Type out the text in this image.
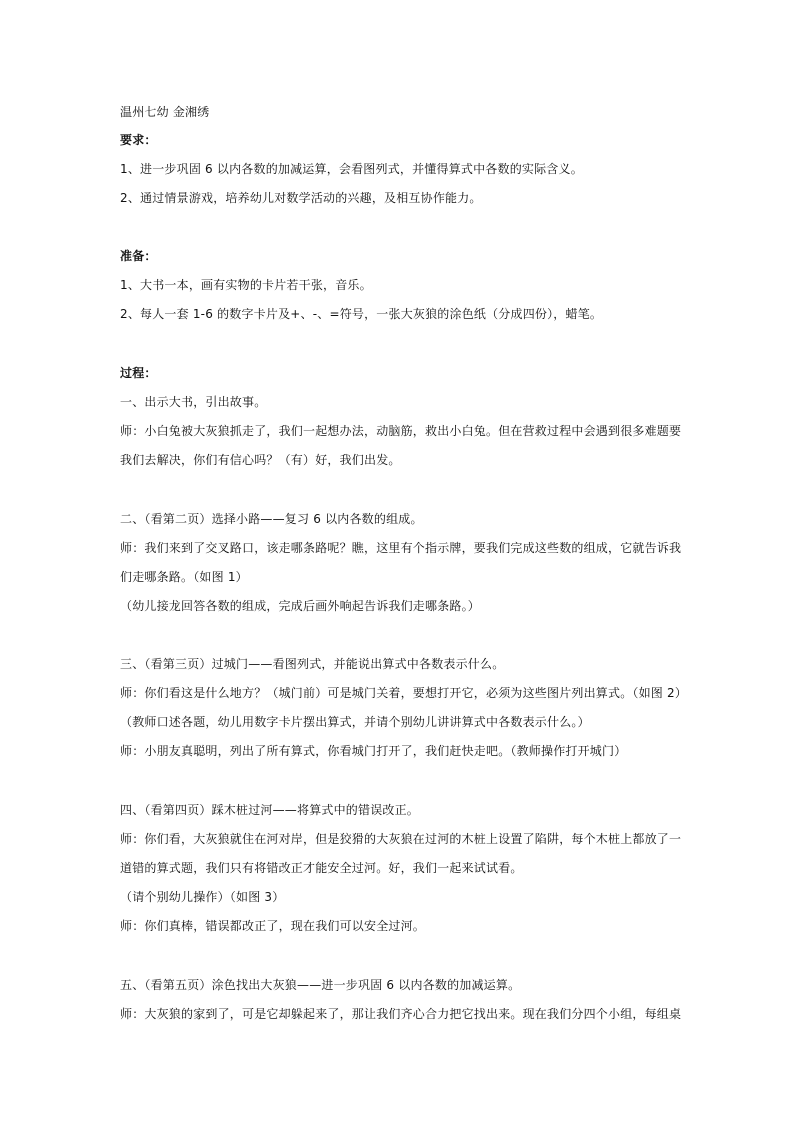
温州七幼 金湘绣
要求：
1、进一步巩固 6 以内各数的加减运算，会看图列式，并懂得算式中各数的实际含义。
2、通过情景游戏，培养幼儿对数学活动的兴趣，及相互协作能力。
准备：
1、大书一本，画有实物的卡片若干张，音乐。
2、每人一套 1-6 的数字卡片及+、-、=符号，一张大灰狼的涂色纸（分成四份），蜡笔。
过程：
一、出示大书，引出故事。
师：小白兔被大灰狼抓走了，我们一起想办法，动脑筋，救出小白兔。但在营救过程中会遇到很多难题要
我们去解决，你们有信心吗？（有）好，我们出发。
二、（看第二页）选择小路——复习 6 以内各数的组成。
师：我们来到了交叉路口，该走哪条路呢？瞧，这里有个指示牌，要我们完成这些数的组成，它就告诉我
们走哪条路。（如图 1）
（幼儿接龙回答各数的组成，完成后画外响起告诉我们走哪条路。）
三、（看第三页）过城门——看图列式，并能说出算式中各数表示什么。
师：你们看这是什么地方？（城门前）可是城门关着，要想打开它，必须为这些图片列出算式。（如图 2）
（教师口述各题，幼儿用数字卡片摆出算式，并请个别幼儿讲讲算式中各数表示什么。）
师：小朋友真聪明，列出了所有算式，你看城门打开了，我们赶快走吧。（教师操作打开城门）
四、（看第四页）踩木桩过河——将算式中的错误改正。
师：你们看，大灰狼就住在河对岸，但是狡猾的大灰狼在过河的木桩上设置了陷阱，每个木桩上都放了一
道错的算式题，我们只有将错改正才能安全过河。好，我们一起来试试看。
（请个别幼儿操作）（如图 3）
师：你们真棒，错误都改正了，现在我们可以安全过河。
五、（看第五页）涂色找出大灰狼——进一步巩固 6 以内各数的加减运算。
师：大灰狼的家到了，可是它却躲起来了，那让我们齐心合力把它找出来。现在我们分四个小组，每组桌
